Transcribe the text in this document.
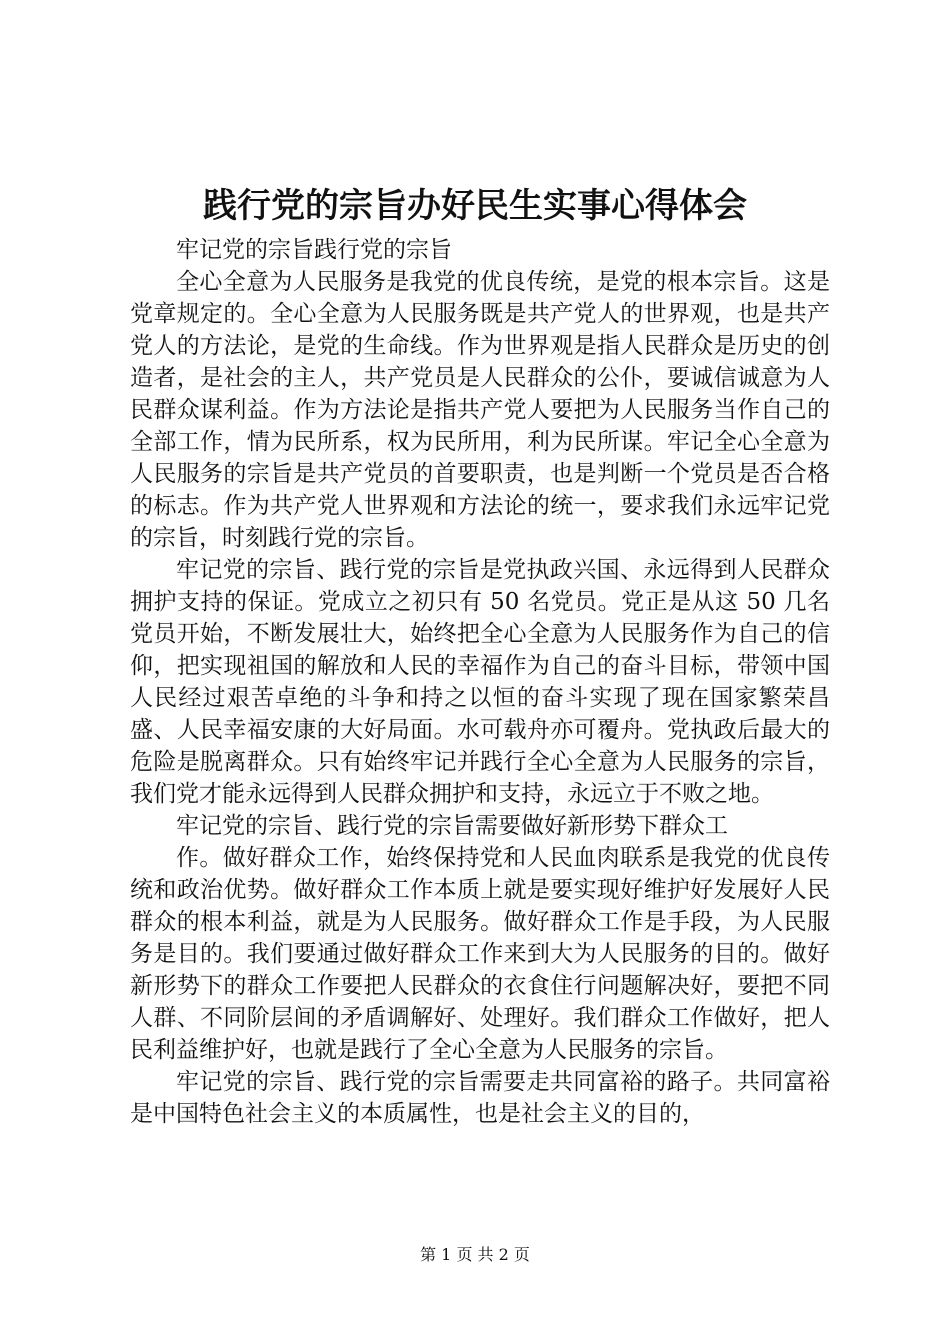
践行党的宗旨办好民生实事心得体会

牢记党的宗旨践行党的宗旨

全心全意为人民服务是我党的优良传统，是党的根本宗旨。这是党章规定的。全心全意为人民服务既是共产党人的世界观，也是共产党人的方法论，是党的生命线。作为世界观是指人民群众是历史的创造者，是社会的主人，共产党员是人民群众的公仆，要诚信诚意为人民群众谋利益。作为方法论是指共产党人要把为人民服务当作自己的全部工作，情为民所系，权为民所用，利为民所谋。牢记全心全意为人民服务的宗旨是共产党员的首要职责，也是判断一个党员是否合格的标志。作为共产党人世界观和方法论的统一，要求我们永远牢记党的宗旨，时刻践行党的宗旨。

牢记党的宗旨、践行党的宗旨是党执政兴国、永远得到人民群众拥护支持的保证。党成立之初只有 50 名党员。党正是从这 50 几名党员开始，不断发展壮大，始终把全心全意为人民服务作为自己的信仰，把实现祖国的解放和人民的幸福作为自己的奋斗目标，带领中国人民经过艰苦卓绝的斗争和持之以恒的奋斗实现了现在国家繁荣昌盛、人民幸福安康的大好局面。水可载舟亦可覆舟。党执政后最大的危险是脱离群众。只有始终牢记并践行全心全意为人民服务的宗旨，我们党才能永远得到人民群众拥护和支持，永远立于不败之地。

牢记党的宗旨、践行党的宗旨需要做好新形势下群众工

作。做好群众工作，始终保持党和人民血肉联系是我党的优良传统和政治优势。做好群众工作本质上就是要实现好维护好发展好人民群众的根本利益，就是为人民服务。做好群众工作是手段，为人民服务是目的。我们要通过做好群众工作来到大为人民服务的目的。做好新形势下的群众工作要把人民群众的衣食住行问题解决好，要把不同人群、不同阶层间的矛盾调解好、处理好。我们群众工作做好，把人民利益维护好，也就是践行了全心全意为人民服务的宗旨。

牢记党的宗旨、践行党的宗旨需要走共同富裕的路子。共同富裕是中国特色社会主义的本质属性，也是社会主义的目的，

第 1 页 共 2 页
